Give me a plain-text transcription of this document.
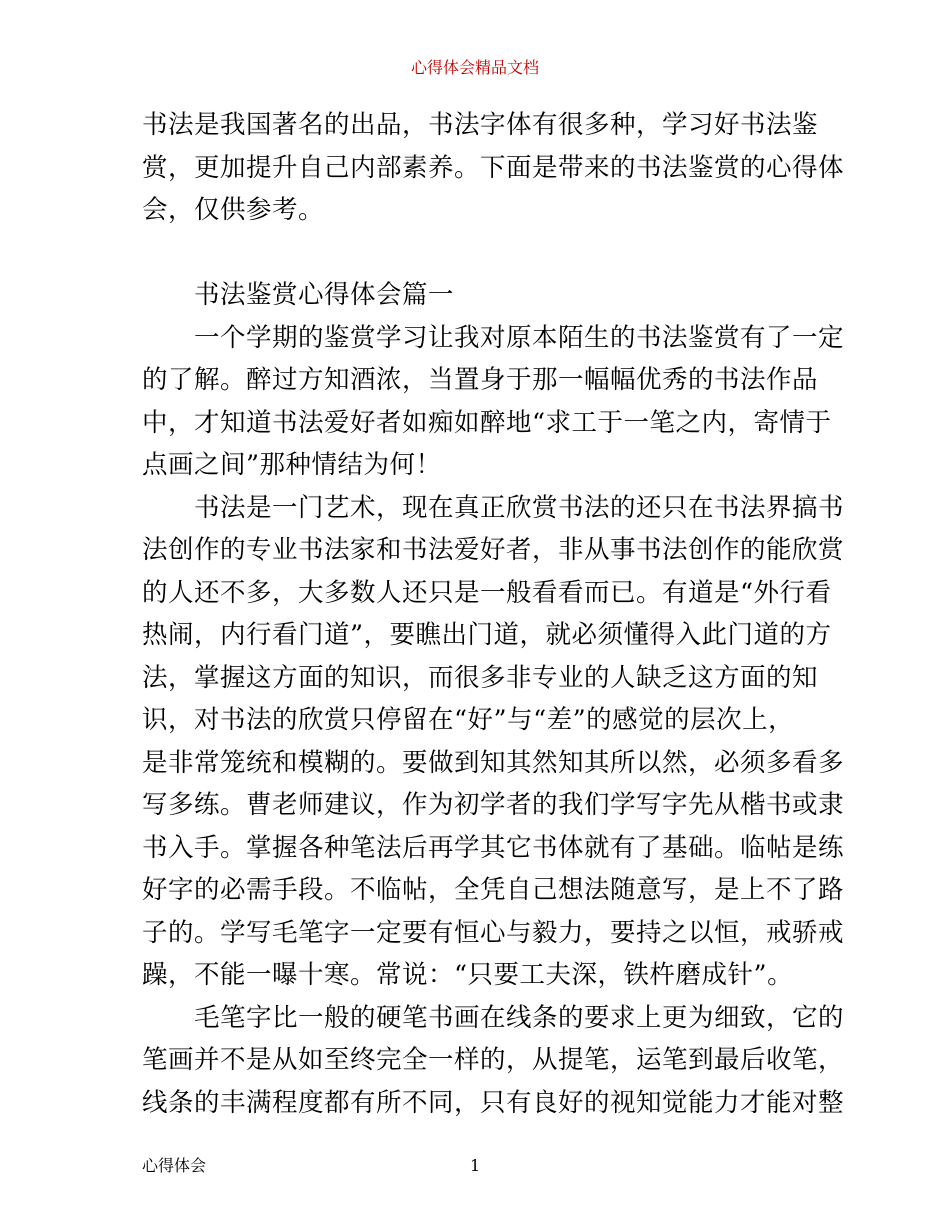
心得体会精品文档
书法是我国著名的出品，书法字体有很多种，学习好书法鉴
赏，更加提升自己内部素养。下面是带来的书法鉴赏的心得体
会，仅供参考。
　　书法鉴赏心得体会篇一
　　一个学期的鉴赏学习让我对原本陌生的书法鉴赏有了一定
的了解。醉过方知酒浓，当置身于那一幅幅优秀的书法作品
中，才知道书法爱好者如痴如醉地“求工于一笔之内，寄情于
点画之间”那种情结为何！
　　书法是一门艺术，现在真正欣赏书法的还只在书法界搞书
法创作的专业书法家和书法爱好者，非从事书法创作的能欣赏
的人还不多，大多数人还只是一般看看而已。有道是“外行看
热闹，内行看门道”，要瞧出门道，就必须懂得入此门道的方
法，掌握这方面的知识，而很多非专业的人缺乏这方面的知
识，对书法的欣赏只停留在“好”与“差”的感觉的层次上，
是非常笼统和模糊的。要做到知其然知其所以然，必须多看多
写多练。曹老师建议，作为初学者的我们学写字先从楷书或隶
书入手。掌握各种笔法后再学其它书体就有了基础。临帖是练
好字的必需手段。不临帖，全凭自己想法随意写，是上不了路
子的。学写毛笔字一定要有恒心与毅力，要持之以恒，戒骄戒
躁，不能一曝十寒。常说：“只要工夫深，铁杵磨成针”。
　　毛笔字比一般的硬笔书画在线条的要求上更为细致，它的
笔画并不是从如至终完全一样的，从提笔，运笔到最后收笔，
线条的丰满程度都有所不同，只有良好的视知觉能力才能对整
心得体会	1
